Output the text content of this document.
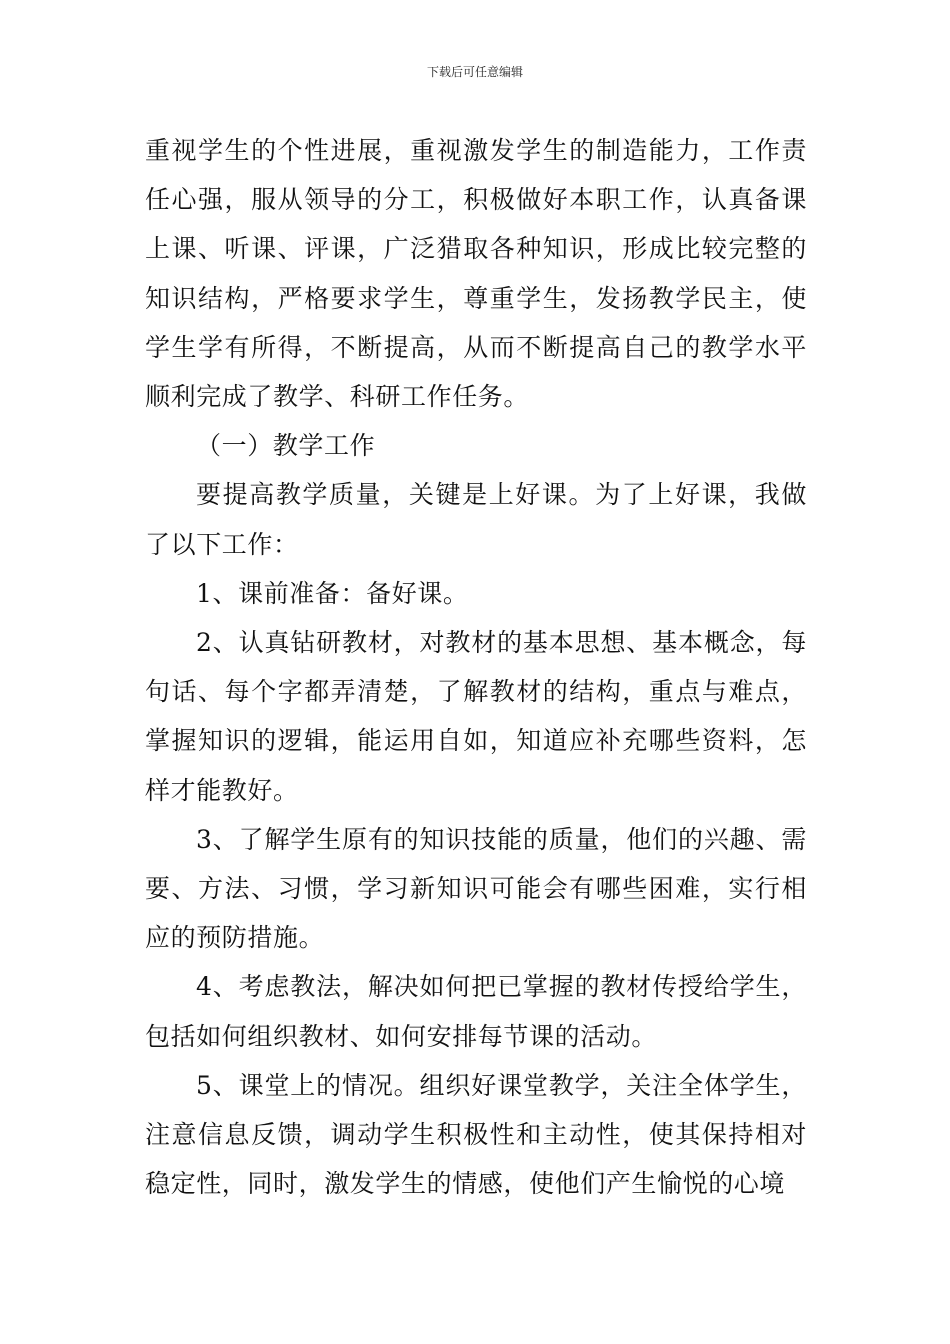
下载后可任意编辑

重视学生的个性进展，重视激发学生的制造能力，工作责任心强，服从领导的分工，积极做好本职工作，认真备课上课、听课、评课，广泛猎取各种知识，形成比较完整的知识结构，严格要求学生，尊重学生，发扬教学民主，使学生学有所得，不断提高，从而不断提高自己的教学水平顺利完成了教学、科研工作任务。

（一）教学工作

要提高教学质量，关键是上好课。为了上好课，我做了以下工作：

1、课前准备：备好课。

2、认真钻研教材，对教材的基本思想、基本概念，每句话、每个字都弄清楚，了解教材的结构，重点与难点，掌握知识的逻辑，能运用自如，知道应补充哪些资料，怎样才能教好。

3、了解学生原有的知识技能的质量，他们的兴趣、需要、方法、习惯，学习新知识可能会有哪些困难，实行相应的预防措施。

4、考虑教法，解决如何把已掌握的教材传授给学生，包括如何组织教材、如何安排每节课的活动。

5、课堂上的情况。组织好课堂教学，关注全体学生，注意信息反馈，调动学生积极性和主动性，使其保持相对稳定性，同时，激发学生的情感，使他们产生愉悦的心境
